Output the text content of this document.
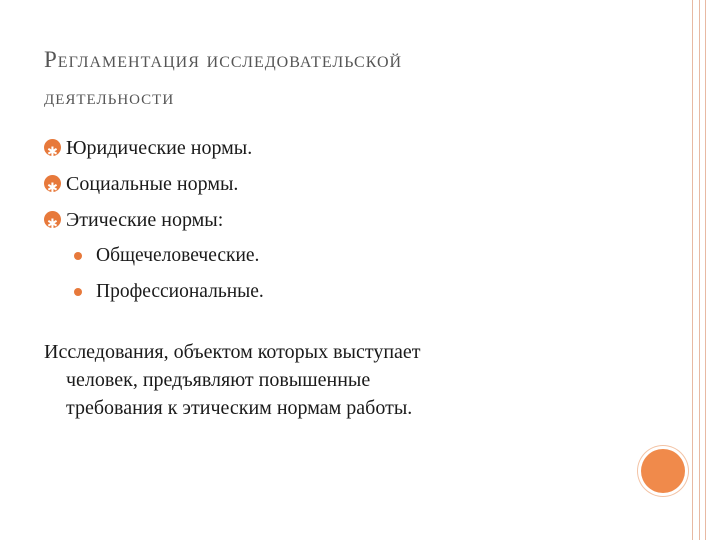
Регламентация исследовательской
деятельности
✱
Юридические нормы.
✱
Социальные нормы.
✱
Этические нормы:
Общечеловеческие.
Профессиональные.
Исследования, объектом которых выступает
человек, предъявляют повышенные
требования к этическим нормам работы.
